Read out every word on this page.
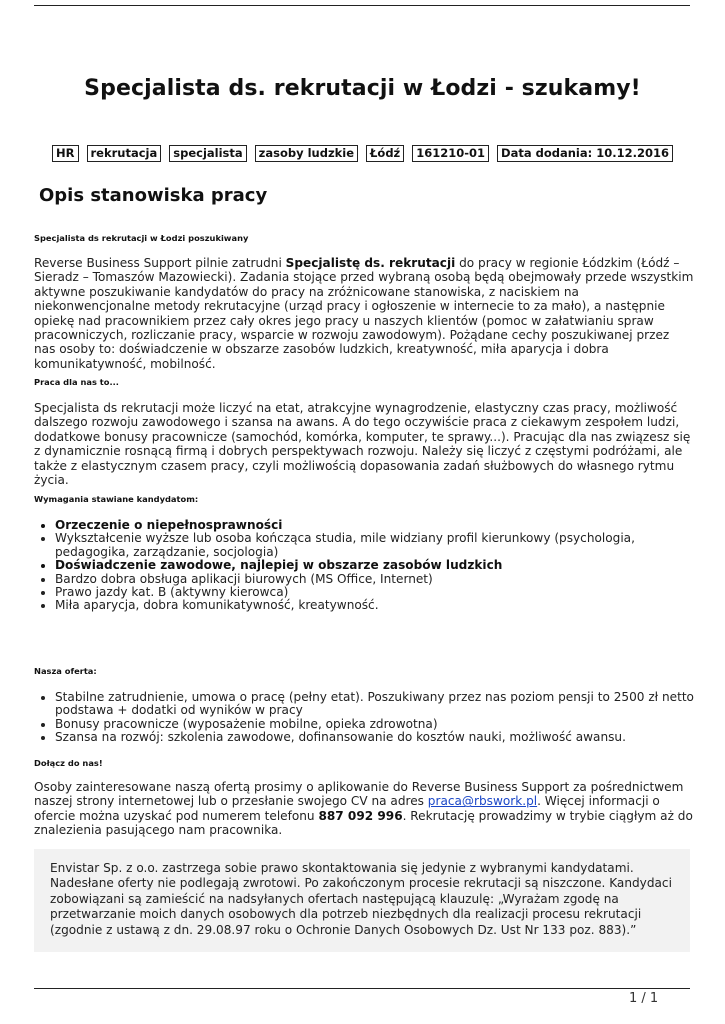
Specjalista ds. rekrutacji w Łodzi - szukamy!
HR	rekrutacja	specjalista	zasoby ludzkie	Łódź	161210-01	Data dodania: 10.12.2016
Opis stanowiska pracy
Specjalista ds rekrutacji w Łodzi poszukiwany
Reverse Business Support pilnie zatrudni Specjalistę ds. rekrutacji do pracy w regionie Łódzkim (Łódź – Sieradz – Tomaszów Mazowiecki). Zadania stojące przed wybraną osobą będą obejmowały przede wszystkim aktywne poszukiwanie kandydatów do pracy na zróżnicowane stanowiska, z naciskiem na niekonwencjonalne metody rekrutacyjne (urząd pracy i ogłoszenie w internecie to za mało), a następnie opiekę nad pracownikiem przez cały okres jego pracy u naszych klientów (pomoc w załatwianiu spraw pracowniczych, rozliczanie pracy, wsparcie w rozwoju zawodowym). Pożądane cechy poszukiwanej przez nas osoby to: doświadczenie w obszarze zasobów ludzkich, kreatywność, miła aparycja i dobra komunikatywność, mobilność.
Praca dla nas to...
Specjalista ds rekrutacji może liczyć na etat, atrakcyjne wynagrodzenie, elastyczny czas pracy, możliwość dalszego rozwoju zawodowego i szansa na awans. A do tego oczywiście praca z ciekawym zespołem ludzi, dodatkowe bonusy pracownicze (samochód, komórka, komputer, te sprawy...). Pracując dla nas związesz się z dynamicznie rosnącą firmą i dobrych perspektywach rozwoju. Należy się liczyć z częstymi podróżami, ale także z elastycznym czasem pracy, czyli możliwością dopasowania zadań służbowych do własnego rytmu życia.
Wymagania stawiane kandydatom:
• Orzeczenie o niepełnosprawności
• Wykształcenie wyższe lub osoba kończąca studia, mile widziany profil kierunkowy (psychologia, pedagogika, zarządzanie, socjologia)
• Doświadczenie zawodowe, najlepiej w obszarze zasobów ludzkich
• Bardzo dobra obsługa aplikacji biurowych (MS Office, Internet)
• Prawo jazdy kat. B (aktywny kierowca)
• Miła aparycja, dobra komunikatywność, kreatywność.
Nasza oferta:
• Stabilne zatrudnienie, umowa o pracę (pełny etat). Poszukiwany przez nas poziom pensji to 2500 zł netto podstawa + dodatki od wyników w pracy
• Bonusy pracownicze (wyposażenie mobilne, opieka zdrowotna)
• Szansa na rozwój: szkolenia zawodowe, dofinansowanie do kosztów nauki, możliwość awansu.
Dołącz do nas!
Osoby zainteresowane naszą ofertą prosimy o aplikowanie do Reverse Business Support za pośrednictwem naszej strony internetowej lub o przesłanie swojego CV na adres praca@rbswork.pl. Więcej informacji o ofercie można uzyskać pod numerem telefonu 887 092 996. Rekrutację prowadzimy w trybie ciągłym aż do znalezienia pasującego nam pracownika.
Envistar Sp. z o.o. zastrzega sobie prawo skontaktowania się jedynie z wybranymi kandydatami. Nadesłane oferty nie podlegają zwrotowi. Po zakończonym procesie rekrutacji są niszczone. Kandydaci zobowiązani są zamieścić na nadsyłanych ofertach następującą klauzulę: „Wyrażam zgodę na przetwarzanie moich danych osobowych dla potrzeb niezbędnych dla realizacji procesu rekrutacji (zgodnie z ustawą z dn. 29.08.97 roku o Ochronie Danych Osobowych Dz. Ust Nr 133 poz. 883).”
1 / 1
